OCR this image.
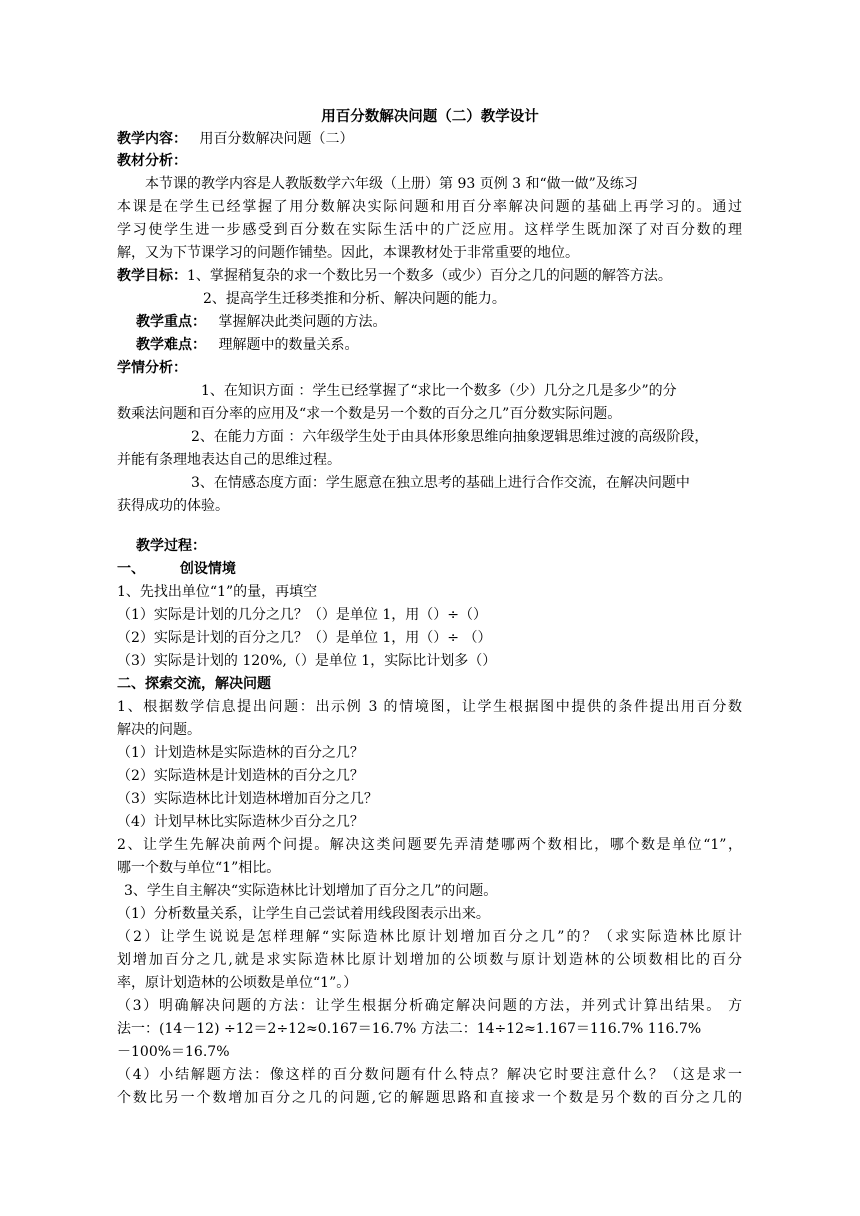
用百分数解决问题（二）教学设计
教学内容： 用百分数解决问题（二）
教材分析：
本节课的教学内容是人教版数学六年级（上册）第 93 页例 3 和“做一做”及练习
本课是在学生已经掌握了用分数解决实际问题和用百分率解决问题的基础上再学习的。通过
学习使学生进一步感受到百分数在实际生活中的广泛应用。这样学生既加深了对百分数的理
解，又为下节课学习的问题作铺垫。因此，本课教材处于非常重要的地位。
教学目标：1、掌握稍复杂的求一个数比另一个数多（或少）百分之几的问题的解答方法。
2、提高学生迁移类推和分析、解决问题的能力。
教学重点： 掌握解决此类问题的方法。
教学难点： 理解题中的数量关系。
学情分析：
1、在知识方面 ：学生已经掌握了“求比一个数多（少）几分之几是多少”的分
数乘法问题和百分率的应用及“求一个数是另一个数的百分之几”百分数实际问题。
2、在能力方面 ：六年级学生处于由具体形象思维向抽象逻辑思维过渡的高级阶段，
并能有条理地表达自己的思维过程。
3、在情感态度方面：学生愿意在独立思考的基础上进行合作交流，在解决问题中
获得成功的体验。
教学过程：
一、 创设情境
1、先找出单位“1”的量，再填空
（1）实际是计划的几分之几？（）是单位 1，用（）÷（）
（2）实际是计划的百分之几？（）是单位 1，用（）÷ （）
（3）实际是计划的 120%,（）是单位 1，实际比计划多（）
二、探索交流，解决问题
1、根据数学信息提出问题：出示例 3 的情境图，让学生根据图中提供的条件提出用百分数
解决的问题。
（1）计划造林是实际造林的百分之几？
（2）实际造林是计划造林的百分之几？
（3）实际造林比计划造林增加百分之几？
（4）计划早林比实际造林少百分之几？
2、让学生先解决前两个问提。解决这类问题要先弄清楚哪两个数相比，哪个数是单位“1”，
哪一个数与单位“1”相比。
3、学生自主解决“实际造林比计划增加了百分之几”的问题。
（1）分析数量关系，让学生自己尝试着用线段图表示出来。
（2）让学生说说是怎样理解“实际造林比原计划增加百分之几”的？（求实际造林比原计
划增加百分之几,就是求实际造林比原计划增加的公顷数与原计划造林的公顷数相比的百分
率，原计划造林的公顷数是单位“1”。）
（3）明确解决问题的方法：让学生根据分析确定解决问题的方法，并列式计算出结果。 方
法一：(14－12) ÷12＝2÷12≈0.167＝16.7% 方法二：14÷12≈1.167＝116.7% 116.7%
－100%＝16.7%
（4）小结解题方法：像这样的百分数问题有什么特点？解决它时要注意什么？（这是求一
个数比另一个数增加百分之几的问题,它的解题思路和直接求一个数是另个数的百分之几的
